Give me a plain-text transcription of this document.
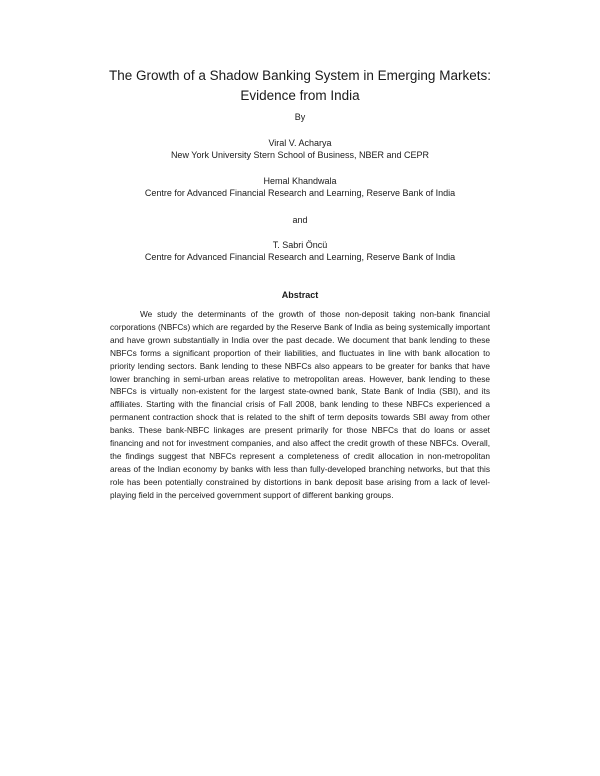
The Growth of a Shadow Banking System in Emerging Markets:
Evidence from India

By

Viral V. Acharya

New York University Stern School of Business, NBER and CEPR

Hemal Khandwala

Centre for Advanced Financial Research and Learning, Reserve Bank of India

and

T. Sabri Öncü

Centre for Advanced Financial Research and Learning, Reserve Bank of India

Abstract

We study the determinants of the growth of those non-deposit taking non-bank financial corporations (NBFCs) which are regarded by the Reserve Bank of India as being systemically important and have grown substantially in India over the past decade. We document that bank lending to these NBFCs forms a significant proportion of their liabilities, and fluctuates in line with bank allocation to priority lending sectors. Bank lending to these NBFCs also appears to be greater for banks that have lower branching in semi-urban areas relative to metropolitan areas. However, bank lending to these NBFCs is virtually non-existent for the largest state-owned bank, State Bank of India (SBI), and its affiliates. Starting with the financial crisis of Fall 2008, bank lending to these NBFCs experienced a permanent contraction shock that is related to the shift of term deposits towards SBI away from other banks. These bank-NBFC linkages are present primarily for those NBFCs that do loans or asset financing and not for investment companies, and also affect the credit growth of these NBFCs. Overall, the findings suggest that NBFCs represent a completeness of credit allocation in non-metropolitan areas of the Indian economy by banks with less than fully-developed branching networks, but that this role has been potentially constrained by distortions in bank deposit base arising from a lack of level-playing field in the perceived government support of different banking groups.
